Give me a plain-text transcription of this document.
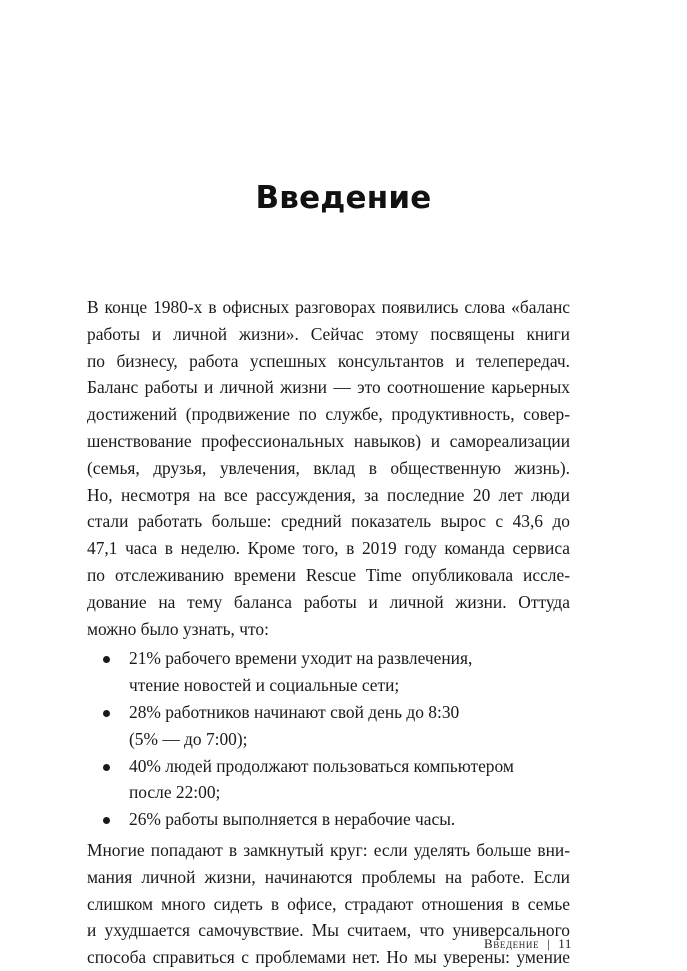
Введение
В конце 1980-х в офисных разговорах появились слова «баланс
работы и личной жизни». Сейчас этому посвящены книги
по бизнесу, работа успешных консультантов и телепередач.
Баланс работы и личной жизни — это соотношение карьерных
достижений (продвижение по службе, продуктивность, совер-
шенствование профессиональных навыков) и самореализации
(семья, друзья, увлечения, вклад в общественную жизнь).
Но, несмотря на все рассуждения, за последние 20 лет люди
стали работать больше: средний показатель вырос с 43,6 до
47,1 часа в неделю. Кроме того, в 2019 году команда сервиса
по отслеживанию времени Rescue Time опубликовала иссле-
дование на тему баланса работы и личной жизни. Оттуда
можно было узнать, что:
21% рабочего времени уходит на развлечения,
чтение новостей и социальные сети;
28% работников начинают свой день до 8:30
(5% — до 7:00);
40% людей продолжают пользоваться компьютером
после 22:00;
26% работы выполняется в нерабочие часы.
Многие попадают в замкнутый круг: если уделять больше вни-
мания личной жизни, начинаются проблемы на работе. Если
слишком много сидеть в офисе, страдают отношения в семье
и ухудшается самочувствие. Мы считаем, что универсального
способа справиться с проблемами нет. Но мы уверены: умение
Введение | 11
